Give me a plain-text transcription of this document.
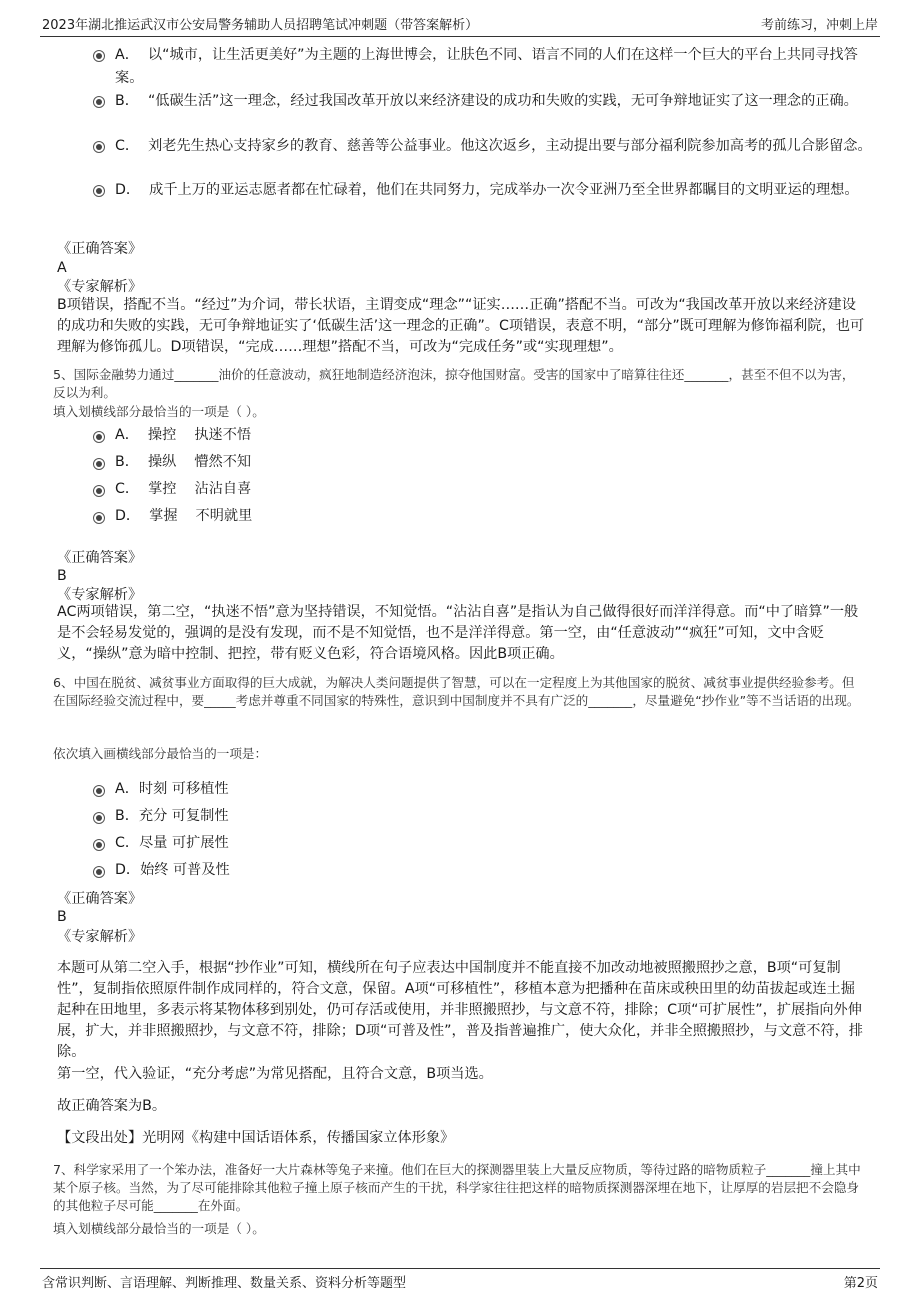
2023年湖北推运武汉市公安局警务辅助人员招聘笔试冲刺题（带答案解析）	考前练习，冲刺上岸
A．  以“城市，让生活更美好”为主题的上海世博会，让肤色不同、语言不同的人们在这样一个巨大的平台上共同寻找答案。
B．  “低碳生活”这一理念，经过我国改革开放以来经济建设的成功和失败的实践，无可争辩地证实了这一理念的正确。
C．  刘老先生热心支持家乡的教育、慈善等公益事业。他这次返乡，主动提出要与部分福利院参加高考的孤儿合影留念。
D．  成千上万的亚运志愿者都在忙碌着，他们在共同努力，完成举办一次令亚洲乃至全世界都瞩目的文明亚运的理想。
《正确答案》
A
《专家解析》
B项错误，搭配不当。“经过”为介词，带长状语，主谓变成“理念”“证实……正确”搭配不当。可改为“我国改革开放以来经济建设的成功和失败的实践，无可争辩地证实了‘低碳生活’这一理念的正确”。C项错误，表意不明，“部分”既可理解为修饰福利院，也可理解为修饰孤儿。D项错误，“完成……理想”搭配不当，可改为“完成任务”或“实现理想”。
5、国际金融势力通过_______油价的任意波动，疯狂地制造经济泡沫，掠夺他国财富。受害的国家中了暗算往往还_______，甚至不但不以为害，反以为利。
填入划横线部分最恰当的一项是（ ）。
A．  操控    执迷不悟
B．  操纵    懵然不知
C．  掌控    沾沾自喜
D．  掌握    不明就里
《正确答案》
B
《专家解析》
AC两项错误，第二空，“执迷不悟”意为坚持错误，不知觉悟。“沾沾自喜”是指认为自己做得很好而洋洋得意。而“中了暗算”一般是不会轻易发觉的，强调的是没有发现，而不是不知觉悟，也不是洋洋得意。第一空，由“任意波动”“疯狂”可知，文中含贬义，“操纵”意为暗中控制、把控，带有贬义色彩，符合语境风格。因此B项正确。
6、中国在脱贫、减贫事业方面取得的巨大成就，为解决人类问题提供了智慧，可以在一定程度上为其他国家的脱贫、减贫事业提供经验参考。但在国际经验交流过程中，要_____考虑并尊重不同国家的特殊性，意识到中国制度并不具有广泛的_______，尽量避免“抄作业”等不当话语的出现。
依次填入画横线部分最恰当的一项是：
A．时刻 可移植性
B．充分 可复制性
C．尽量 可扩展性
D．始终 可普及性
《正确答案》
B
《专家解析》
本题可从第二空入手，根据“抄作业”可知，横线所在句子应表达中国制度并不能直接不加改动地被照搬照抄之意，B项“可复制性”，复制指依照原件制作成同样的，符合文意，保留。A项“可移植性”，移植本意为把播种在苗床或秧田里的幼苗拔起或连土掘起种在田地里，多表示将某物体移到别处，仍可存活或使用，并非照搬照抄，与文意不符，排除；C项“可扩展性”，扩展指向外伸展，扩大，并非照搬照抄，与文意不符，排除；D项“可普及性”，普及指普遍推广，使大众化，并非全照搬照抄，与文意不符，排除。
第一空，代入验证，“充分考虑”为常见搭配，且符合文意，B项当选。
故正确答案为B。
【文段出处】光明网《构建中国话语体系，传播国家立体形象》
7、科学家采用了一个笨办法，准备好一大片森林等兔子来撞。他们在巨大的探测器里装上大量反应物质，等待过路的暗物质粒子_______撞上其中某个原子核。当然，为了尽可能排除其他粒子撞上原子核而产生的干扰，科学家往往把这样的暗物质探测器深埋在地下，让厚厚的岩层把不会隐身的其他粒子尽可能_______在外面。
填入划横线部分最恰当的一项是（ ）。
含常识判断、言语理解、判断推理、数量关系、资料分析等题型	第2页
